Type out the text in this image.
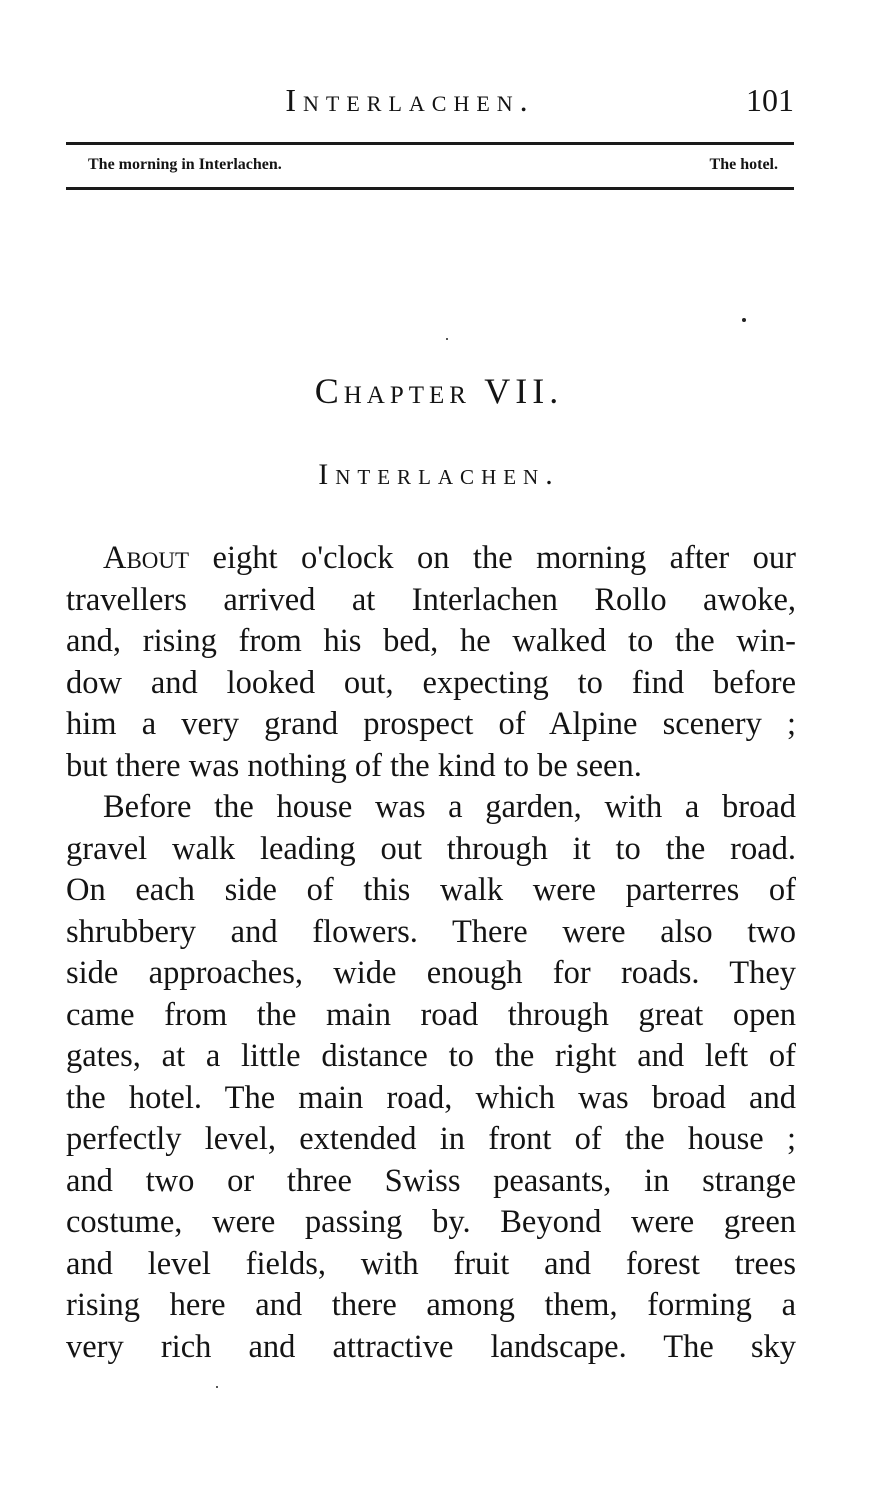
Interlachen.	101
The morning in Interlachen.	The hotel.
Chapter VII.
Interlachen.
About eight o'clock on the morning after our
travellers arrived at Interlachen Rollo awoke,
and, rising from his bed, he walked to the win-
dow and looked out, expecting to find before
him a very grand prospect of Alpine scenery ;
but there was nothing of the kind to be seen.
Before the house was a garden, with a broad
gravel walk leading out through it to the road.
On each side of this walk were parterres of
shrubbery and flowers. There were also two
side approaches, wide enough for roads. They
came from the main road through great open
gates, at a little distance to the right and left of
the hotel. The main road, which was broad and
perfectly level, extended in front of the house ;
and two or three Swiss peasants, in strange
costume, were passing by. Beyond were green
and level fields, with fruit and forest trees
rising here and there among them, forming a
very rich and attractive landscape. The sky
